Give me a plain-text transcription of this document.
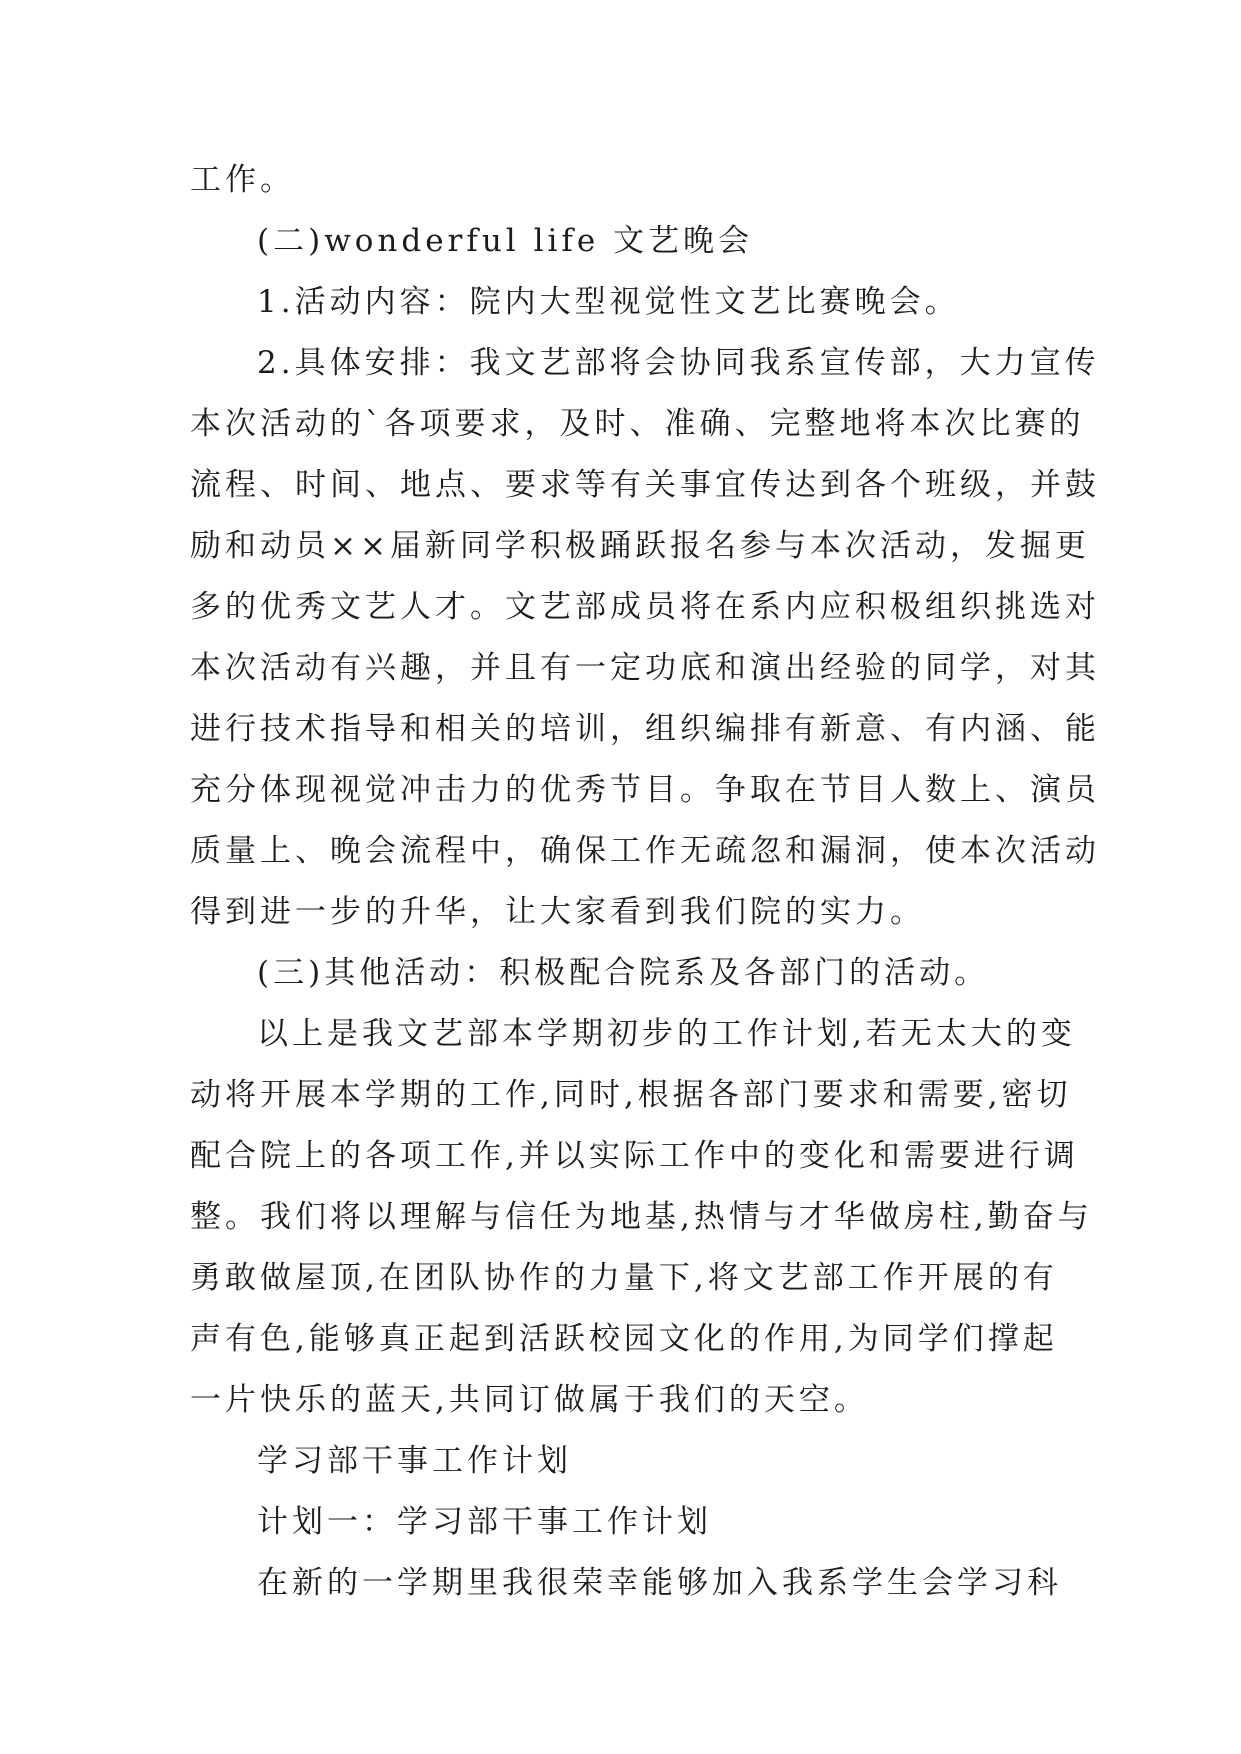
工作。
(二)wonderful life 文艺晚会
1.活动内容：院内大型视觉性文艺比赛晚会。
2.具体安排：我文艺部将会协同我系宣传部，大力宣传
本次活动的`各项要求，及时、准确、完整地将本次比赛的
流程、时间、地点、要求等有关事宜传达到各个班级，并鼓
励和动员××届新同学积极踊跃报名参与本次活动，发掘更
多的优秀文艺人才。文艺部成员将在系内应积极组织挑选对
本次活动有兴趣，并且有一定功底和演出经验的同学，对其
进行技术指导和相关的培训，组织编排有新意、有内涵、能
充分体现视觉冲击力的优秀节目。争取在节目人数上、演员
质量上、晚会流程中，确保工作无疏忽和漏洞，使本次活动
得到进一步的升华，让大家看到我们院的实力。
(三)其他活动：积极配合院系及各部门的活动。
以上是我文艺部本学期初步的工作计划,若无太大的变
动将开展本学期的工作,同时,根据各部门要求和需要,密切
配合院上的各项工作,并以实际工作中的变化和需要进行调
整。我们将以理解与信任为地基,热情与才华做房柱,勤奋与
勇敢做屋顶,在团队协作的力量下,将文艺部工作开展的有
声有色,能够真正起到活跃校园文化的作用,为同学们撑起
一片快乐的蓝天,共同订做属于我们的天空。
学习部干事工作计划
计划一：学习部干事工作计划
在新的一学期里我很荣幸能够加入我系学生会学习科
